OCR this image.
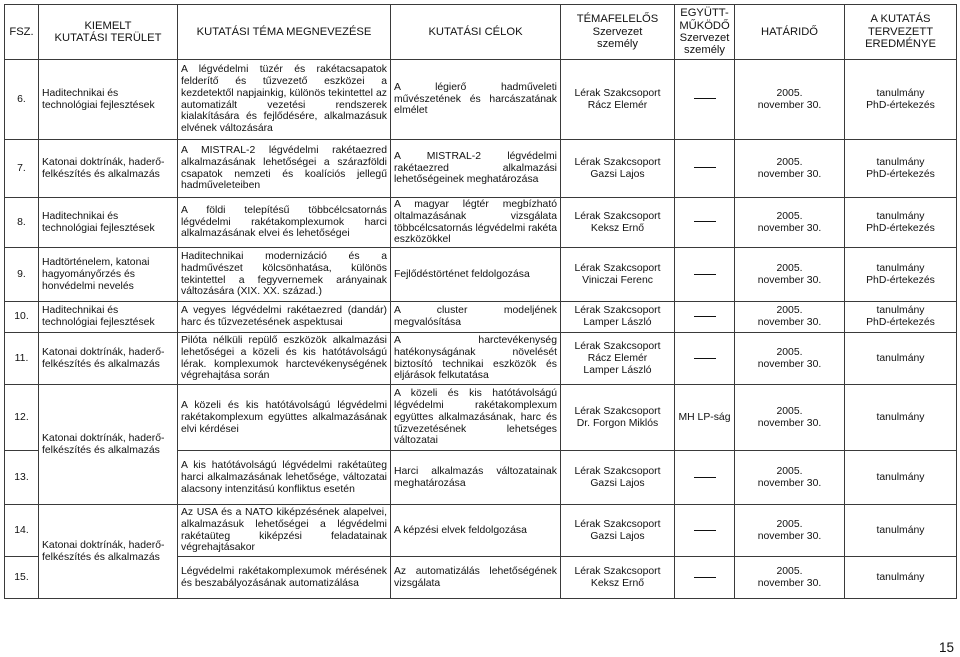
FSZ.	KIEMELT
KUTATÁSI TERÜLET	KUTATÁSI TÉMA MEGNEVEZÉSE	KUTATÁSI CÉLOK	TÉMAFELELŐS
Szervezet
személy	EGYÜTT-
MŰKÖDŐ
Szervezet
személy	HATÁRIDŐ	A KUTATÁS
TERVEZETT
EREDMÉNYE
6.	Haditechnikai és technológiai fejlesztések	A légvédelmi tüzér és rakétacsapatok felderítő és tűzvezető eszközei a kezdetektől napjainkig, különös tekintettel az automatizált vezetési rendszerek kialakítására és fejlődésére, alkalmazásuk elvének változására	A légierő hadműveleti művészetének és harcászatának elmélet	Lérak Szakcsoport
Rácz Elemér		2005.
november 30.	tanulmány
PhD-értekezés
7.	Katonai doktrínák, haderő-felkészítés és alkalmazás	A MISTRAL-2 légvédelmi rakétaezred alkalmazásának lehetőségei a szárazföldi csapatok nemzeti és koalíciós jellegű hadműveleteiben	A MISTRAL-2 légvédelmi rakétaezred alkalmazási lehetőségeinek meghatározása	Lérak Szakcsoport
Gazsi Lajos		2005.
november 30.	tanulmány
PhD-értekezés
8.	Haditechnikai és technológiai fejlesztések	A földi telepítésű többcélcsatornás légvédelmi rakétakomplexumok harci alkalmazásának elvei és lehetőségei	A magyar légtér megbízható oltalmazásának vizsgálata többcélcsatornás légvédelmi rakéta eszközökkel	Lérak Szakcsoport
Keksz Ernő		2005.
november 30.	tanulmány
PhD-értekezés
9.	Hadtörténelem, katonai hagyományőrzés és honvédelmi nevelés	Haditechnikai modernizáció és a hadművészet kölcsönhatása, különös tekintettel a fegyvernemek arányainak változására (XIX. XX. század.)	Fejlődéstörténet feldolgozása	Lérak Szakcsoport
Viniczai Ferenc		2005.
november 30.	tanulmány
PhD-értekezés
10.	Haditechnikai és technológiai fejlesztések	A vegyes légvédelmi rakétaezred (dandár) harc és tűzvezetésének aspektusai	A cluster modeljének megvalósítása	Lérak Szakcsoport
Lamper László		2005.
november 30.	tanulmány
PhD-értekezés
11.	Katonai doktrínák, haderő-felkészítés és alkalmazás	Pilóta nélküli repülő eszközök alkalmazási lehetőségei a közeli és kis hatótávolságú lérak. komplexumok harctevékenységének végrehajtása során	A harctevékenység hatékonyságának növelését biztosító technikai eszközök és eljárások felkutatása	Lérak Szakcsoport
Rácz Elemér
Lamper László		2005.
november 30.	tanulmány
12.	Katonai doktrínák, haderő-felkészítés és alkalmazás	A közeli és kis hatótávolságú légvédelmi rakétakomplexum együttes alkalmazásának elvi kérdései	A közeli és kis hatótávolságú légvédelmi rakétakomplexum együttes alkalmazásának, harc és tűzvezetésének lehetséges változatai	Lérak Szakcsoport
Dr. Forgon Miklós	MH LP-ság	2005.
november 30.	tanulmány
13.		A kis hatótávolságú légvédelmi rakétaüteg harci alkalmazásának lehetősége, változatai alacsony intenzitású konfliktus esetén	Harci alkalmazás változatainak meghatározása	Lérak Szakcsoport
Gazsi Lajos		2005.
november 30.	tanulmány
14.	Katonai doktrínák, haderő-felkészítés és alkalmazás	Az USA és a NATO kiképzésének alapelvei, alkalmazásuk lehetőségei a légvédelmi rakétaüteg kiképzési feladatainak végrehajtásakor	A képzési elvek feldolgozása	Lérak Szakcsoport
Gazsi Lajos		2005.
november 30.	tanulmány
15.		Légvédelmi rakétakomplexumok mérésének és beszabályozásának automatizálása	Az automatizálás lehetőségének vizsgálata	Lérak Szakcsoport
Keksz Ernő		2005.
november 30.	tanulmány
15
